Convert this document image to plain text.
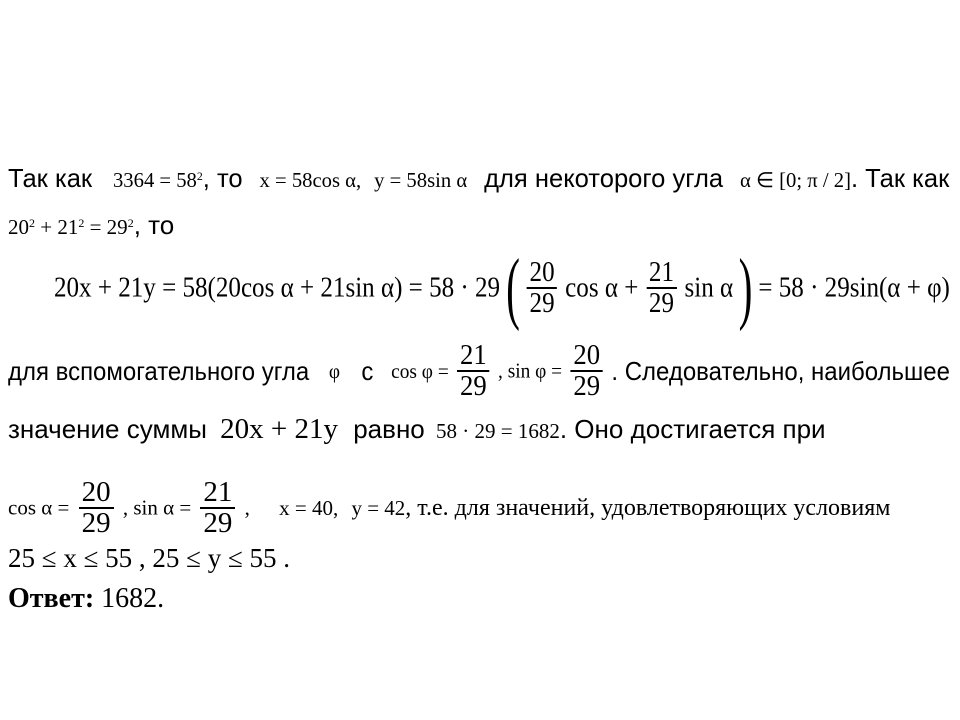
Так как $3364 = 58^2$, то x = 58cos α, y = 58sin α для некоторого угла α ∈ [0; π / 2]. Так как
$20^2 + 21^2 = 29^2$, то
20x + 21y = 58(20cos α + 21sin α) = 58 · 29 ( $\frac{20}{29}$ $\cos \alpha + \frac{21}{29}$ sin α ) = 58 · 29sin(α + φ)
для вспомогательного угла φ с $\cos \varphi = \frac{21}{29}$ , $\sin \varphi = \frac{20}{29}$ . Следовательно, наибольшее
значение суммы 20x + 21y равно 58 · 29 = 1682. Оно достигается при
$\cos \alpha = \frac{20}{29}$ , $\sin \alpha = \frac{21}{29}$ , x = 40, y = 42, т.е. для значений, удовлетворяющих условиям
25 ≤ x ≤ 55 , 25 ≤ y ≤ 55 .
Ответ: 1682.
